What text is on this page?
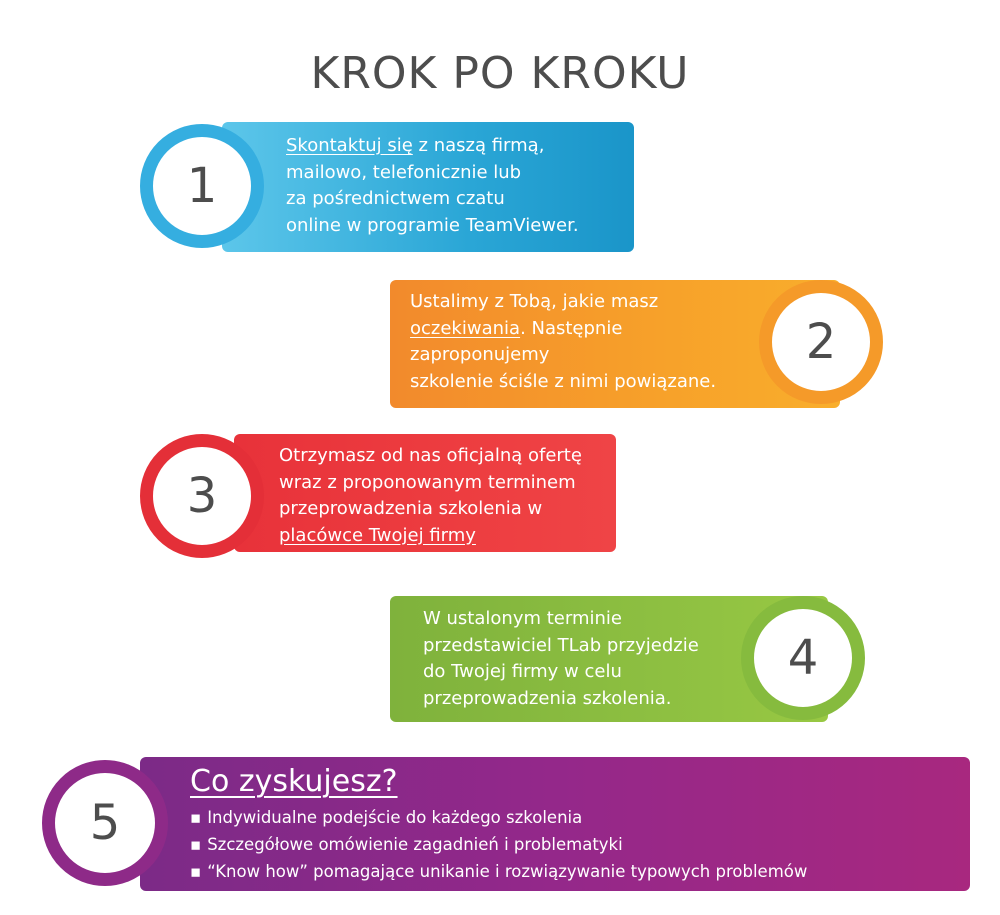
KROK PO KROKU
1
Skontaktuj się z naszą firmą,
mailowo, telefonicznie lub
za pośrednictwem czatu
online w programie TeamViewer.
2
Ustalimy z Tobą, jakie masz
oczekiwania. Następnie
zaproponujemy
szkolenie ściśle z nimi powiązane.
3
Otrzymasz od nas oficjalną ofertę
wraz z proponowanym terminem
przeprowadzenia szkolenia w
placówce Twojej firmy
4
W ustalonym terminie
przedstawiciel TLab przyjedzie
do Twojej firmy w celu
przeprowadzenia szkolenia.
5
Co zyskujesz?
▪ Indywidualne podejście do każdego szkolenia
▪ Szczegółowe omówienie zagadnień i problematyki
▪ “Know how” pomagające unikanie i rozwiązywanie typowych problemów
